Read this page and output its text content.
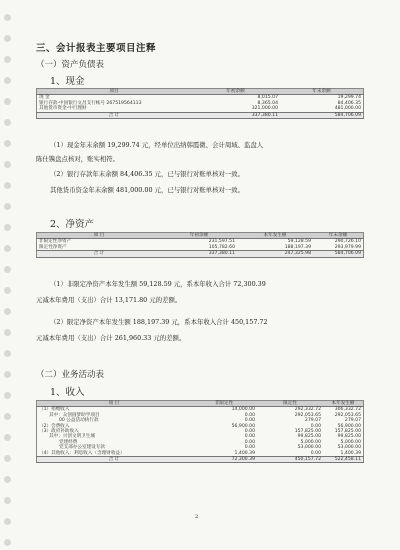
三、会计报表主要项目注释
（一）资产负债表
1、现金
项目	年初余额	年末余额
现 金	8,015.07	19,299.74
银行存款-中国银行文昌支行帐号 267519564113	8,365.04	84,406.35
其他货币资金-中行理财	321,000.00	481,000.00
合 计	337,380.11	584,706.09
（1）现金年末余额 19,299.74 元，经单位出纳韩霞微、会计周域、监盘人
陈仕镌盘点核对，账实相符。
（2）银行存款年末余额 84,406.35 元，已与银行对账单核对一致。
其他货币资金年末余额 481,000.00 元，已与银行对账单核对一致。
2、净资产
项 目	年初余额	本年发生额	年末余额
非限定性净资产	231,597.51	59,128.59	290,726.10
限定性净资产	105,782.60	188,197.39	293,979.99
合 计	337,380.11	247,325.98	584,706.09
（1）非限定净资产本年发生额 59,128.59 元，系本年收入合计 72,300.39
元减本年费用（支出）合计 13,171.80 元的差额。
（2）限定净资产本年发生额 188,197.39 元，系本年收入合计 450,157.72
元减本年费用（支出）合计 261,960.33 元的差额。
（二）业务活动表
1、收入
项 目	非限定性	限定性	本年发生额
（1）捐赠收入	14,000.00	292,332.72	306,332.72
其中：众创圆梦助学项目	0.00	292,053.65	292,053.65
00 公益活动执行款	0.00	279.07	279.07
（2）会费收入	56,900.00	0.00	56,900.00
（3）政府补助收入	0.00	157,825.00	157,825.00
其中：兴创文明卫生城	0.00	99,825.00	99,825.00
党建经费	0.00	5,000.00	5,000.00
党支部办公室建设专款	0.00	53,000.00	53,000.00
（4）其他收入：利息收入（含理财收益）	1,400.39	0.00	1,400.39
合 计	72,300.39	450,157.72	522,458.11
2
